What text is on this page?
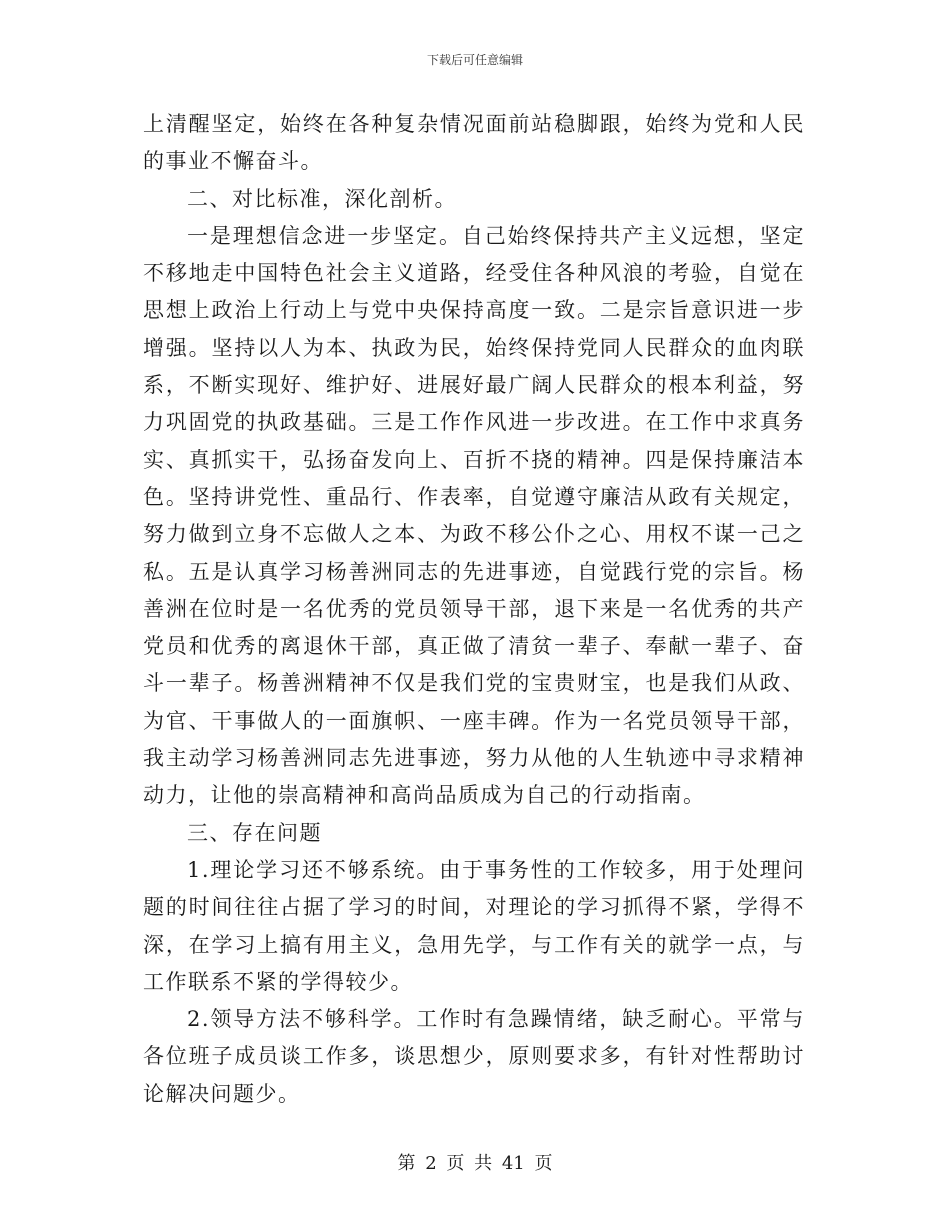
下载后可任意编辑

上清醒坚定，始终在各种复杂情况面前站稳脚跟，始终为党和人民的事业不懈奋斗。

二、对比标准，深化剖析。

一是理想信念进一步坚定。自己始终保持共产主义远想，坚定不移地走中国特色社会主义道路，经受住各种风浪的考验，自觉在思想上政治上行动上与党中央保持高度一致。二是宗旨意识进一步增强。坚持以人为本、执政为民，始终保持党同人民群众的血肉联系，不断实现好、维护好、进展好最广阔人民群众的根本利益，努力巩固党的执政基础。三是工作作风进一步改进。在工作中求真务实、真抓实干，弘扬奋发向上、百折不挠的精神。四是保持廉洁本色。坚持讲党性、重品行、作表率，自觉遵守廉洁从政有关规定，努力做到立身不忘做人之本、为政不移公仆之心、用权不谋一己之私。五是认真学习杨善洲同志的先进事迹，自觉践行党的宗旨。杨善洲在位时是一名优秀的党员领导干部，退下来是一名优秀的共产党员和优秀的离退休干部，真正做了清贫一辈子、奉献一辈子、奋斗一辈子。杨善洲精神不仅是我们党的宝贵财宝，也是我们从政、为官、干事做人的一面旗帜、一座丰碑。作为一名党员领导干部，我主动学习杨善洲同志先进事迹，努力从他的人生轨迹中寻求精神动力，让他的崇高精神和高尚品质成为自己的行动指南。

三、存在问题

1.理论学习还不够系统。由于事务性的工作较多，用于处理问题的时间往往占据了学习的时间，对理论的学习抓得不紧，学得不深，在学习上搞有用主义，急用先学，与工作有关的就学一点，与工作联系不紧的学得较少。

2.领导方法不够科学。工作时有急躁情绪，缺乏耐心。平常与各位班子成员谈工作多，谈思想少，原则要求多，有针对性帮助讨论解决问题少。

第 2 页 共 41 页
